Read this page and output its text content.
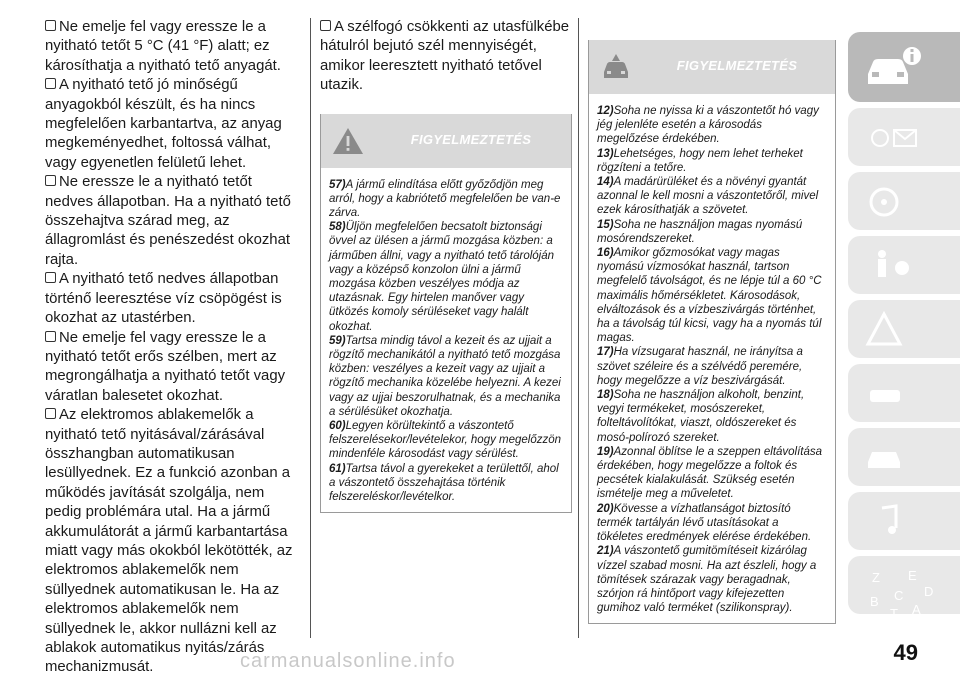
Ne emelje fel vagy eressze le a nyitható tetőt 5 °C (41 °F) alatt; ez károsíthatja a nyitható tető anyagát.

A nyitható tető jó minőségű anyagokból készült, és ha nincs megfelelően karbantartva, az anyag megkeményedhet, foltossá válhat, vagy egyenetlen felületű lehet.

Ne eressze le a nyitható tetőt nedves állapotban. Ha a nyitható tető összehajtva szárad meg, az állagromlást és penészedést okozhat rajta.

A nyitható tető nedves állapotban történő leeresztése víz csöpögést is okozhat az utastérben.

Ne emelje fel vagy eressze le a nyitható tetőt erős szélben, mert az megrongálhatja a nyitható tetőt vagy váratlan balesetet okozhat.

Az elektromos ablakemelők a nyitható tető nyitásával/zárásával összhangban automatikusan lesüllyednek. Ez a funkció azonban a működés javítását szolgálja, nem pedig problémára utal. Ha a jármű akkumulátorát a jármű karbantartása miatt vagy más okokból lekötötték, az elektromos ablakemelők nem süllyednek automatikusan le. Ha az elektromos ablakemelők nem süllyednek le, akkor nullázni kell az ablakok automatikus nyitás/zárás mechanizmusát.

A szélfogó csökkenti az utasfülkébe hátulról bejutó szél mennyiségét, amikor leeresztett nyitható tetővel utazik.

FIGYELMEZTETÉS

57)A jármű elindítása előtt győződjön meg arról, hogy a kabriótető megfelelően be van-e zárva.

58)Üljön megfelelően becsatolt biztonsági övvel az ülésen a jármű mozgása közben: a járműben állni, vagy a nyitható tető tárolóján vagy a középső konzolon ülni a jármű mozgása közben veszélyes módja az utazásnak. Egy hirtelen manőver vagy ütközés komoly sérüléseket vagy halált okozhat.

59)Tartsa mindig távol a kezeit és az ujjait a rögzítő mechanikától a nyitható tető mozgása közben: veszélyes a kezeit vagy az ujjait a rögzítő mechanika közelébe helyezni. A kezei vagy az ujjai beszorulhatnak, és a mechanika a sérülésüket okozhatja.

60)Legyen körültekintő a vászontető felszerelésekor/levételekor, hogy megelőzzön mindenféle károsodást vagy sérülést.

61)Tartsa távol a gyerekeket a területtől, ahol a vászontető összehajtása történik felszereléskor/levételkor.

FIGYELMEZTETÉS

12)Soha ne nyissa ki a vászontetőt hó vagy jég jelenléte esetén a károsodás megelőzése érdekében.

13)Lehetséges, hogy nem lehet terheket rögzíteni a tetőre.

14)A madárürüléket és a növényi gyantát azonnal le kell mosni a vászontetőről, mivel ezek károsíthatják a szövetet.

15)Soha ne használjon magas nyomású mosórendszereket.

16)Amikor gőzmosókat vagy magas nyomású vízmosókat használ, tartson megfelelő távolságot, és ne lépje túl a 60 °C maximális hőmérsékletet. Károsodások, elváltozások és a vízbeszivárgás történhet, ha a távolság túl kicsi, vagy ha a nyomás túl magas.

17)Ha vízsugarat használ, ne irányítsa a szövet széleire és a szélvédő peremére, hogy megelőzze a víz beszivárgását.

18)Soha ne használjon alkoholt, benzint, vegyi termékeket, mosószereket, folteltávolítókat, viaszt, oldószereket és mosó-polírozó szereket.

19)Azonnal öblítse le a szeppen eltávolítása érdekében, hogy megelőzze a foltok és pecsétek kialakulását. Szükség esetén ismételje meg a műveletet.

20)Kövesse a vízhatlanságot biztosító termék tartályán lévő utasításokat a tökéletes eredmények elérése érdekében.

21)A vászontető gumitömítéseit kizárólag vízzel szabad mosni. Ha azt észleli, hogy a tömítések szárazak vagy beragadnak, szórjon rá hintőport vagy kifejezetten gumihoz való terméket (szilikonspray).

Z E
B C D
T A
49
carmanualsonline.info
